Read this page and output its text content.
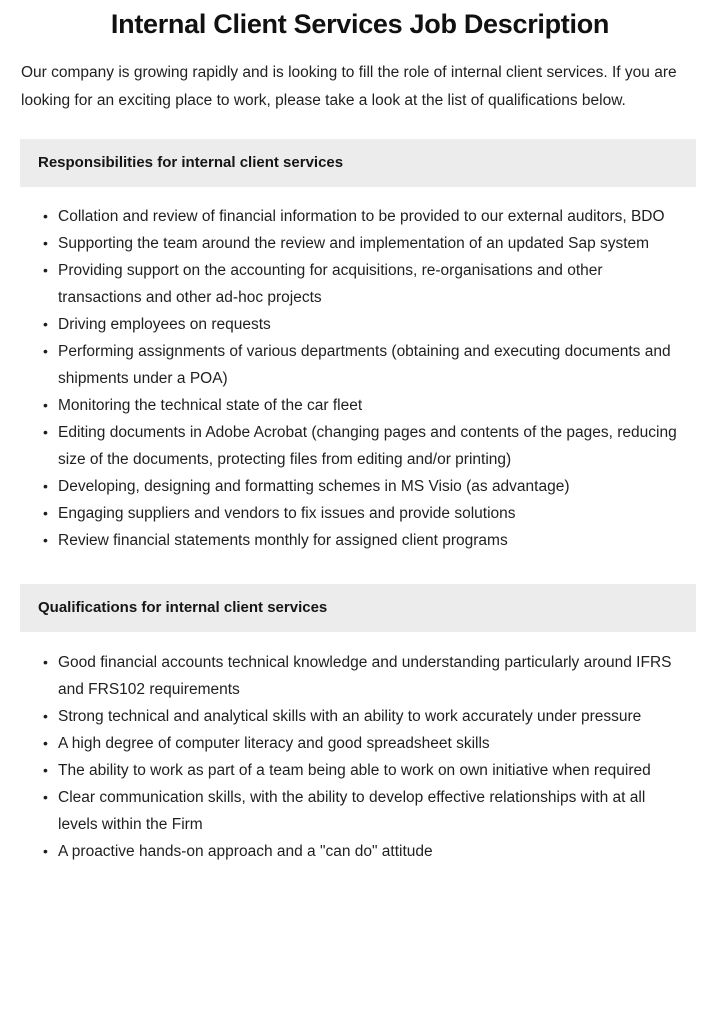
Internal Client Services Job Description

Our company is growing rapidly and is looking to fill the role of internal client services. If you are looking for an exciting place to work, please take a look at the list of qualifications below.

Responsibilities for internal client services
• Collation and review of financial information to be provided to our external auditors, BDO
• Supporting the team around the review and implementation of an updated Sap system
• Providing support on the accounting for acquisitions, re-organisations and other transactions and other ad-hoc projects
• Driving employees on requests
• Performing assignments of various departments (obtaining and executing documents and shipments under a POA)
• Monitoring the technical state of the car fleet
• Editing documents in Adobe Acrobat (changing pages and contents of the pages, reducing size of the documents, protecting files from editing and/or printing)
• Developing, designing and formatting schemes in MS Visio (as advantage)
• Engaging suppliers and vendors to fix issues and provide solutions
• Review financial statements monthly for assigned client programs
Qualifications for internal client services
• Good financial accounts technical knowledge and understanding particularly around IFRS and FRS102 requirements
• Strong technical and analytical skills with an ability to work accurately under pressure
• A high degree of computer literacy and good spreadsheet skills
• The ability to work as part of a team being able to work on own initiative when required
• Clear communication skills, with the ability to develop effective relationships with at all levels within the Firm
• A proactive hands-on approach and a "can do" attitude
